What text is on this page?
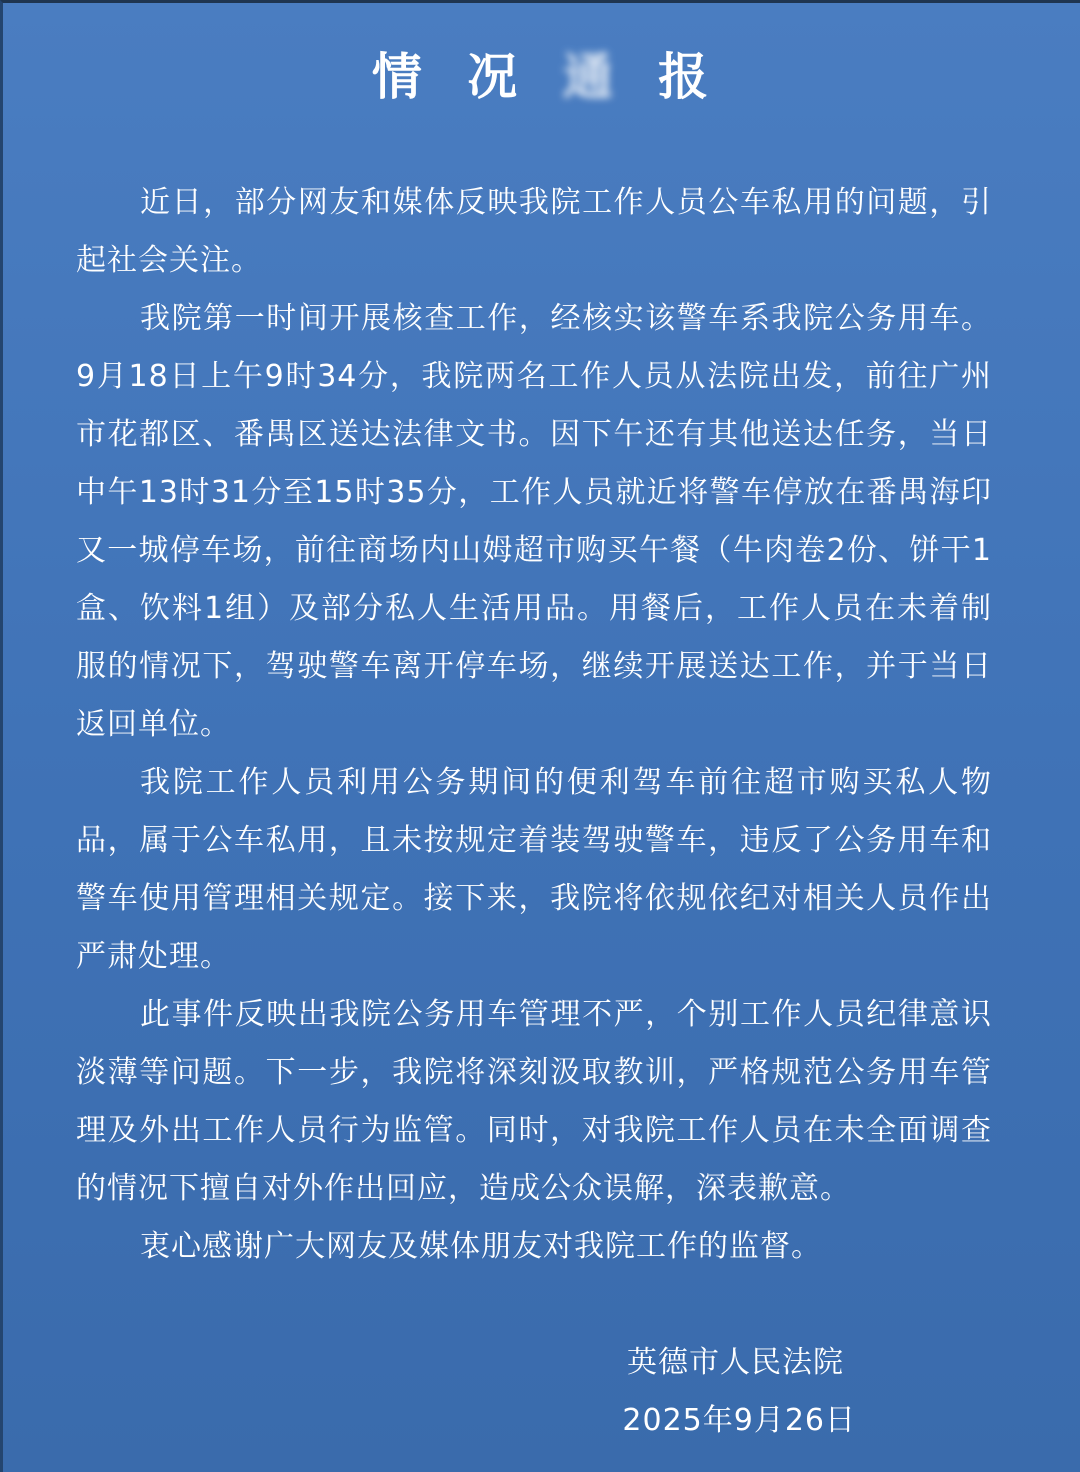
情 况 通 报

近日，部分网友和媒体反映我院工作人员公车私用的问题，引起社会关注。

我院第一时间开展核查工作，经核实该警车系我院公务用车。9月18日上午9时34分，我院两名工作人员从法院出发，前往广州市花都区、番禺区送达法律文书。因下午还有其他送达任务，当日中午13时31分至15时35分，工作人员就近将警车停放在番禺海印又一城停车场，前往商场内山姆超市购买午餐（牛肉卷2份、饼干1盒、饮料1组）及部分私人生活用品。用餐后，工作人员在未着制服的情况下，驾驶警车离开停车场，继续开展送达工作，并于当日返回单位。

我院工作人员利用公务期间的便利驾车前往超市购买私人物品，属于公车私用，且未按规定着装驾驶警车，违反了公务用车和警车使用管理相关规定。接下来，我院将依规依纪对相关人员作出严肃处理。

此事件反映出我院公务用车管理不严，个别工作人员纪律意识淡薄等问题。下一步，我院将深刻汲取教训，严格规范公务用车管理及外出工作人员行为监管。同时，对我院工作人员在未全面调查的情况下擅自对外作出回应，造成公众误解，深表歉意。

衷心感谢广大网友及媒体朋友对我院工作的监督。

英德市人民法院
2025年9月26日
